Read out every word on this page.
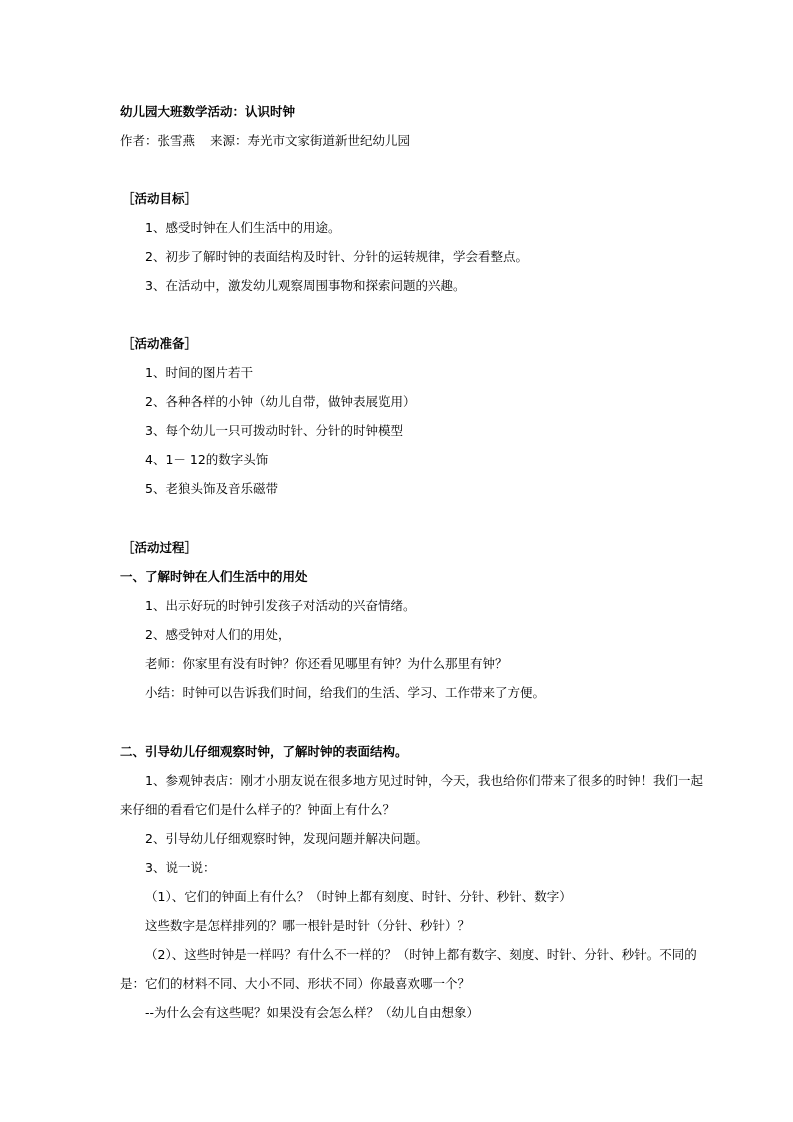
幼儿园大班数学活动：认识时钟
作者：张雪燕 来源：寿光市文家街道新世纪幼儿园
［活动目标］
1、感受时钟在人们生活中的用途。
2、初步了解时钟的表面结构及时针、分针的运转规律，学会看整点。
3、在活动中，激发幼儿观察周围事物和探索问题的兴趣。
［活动准备］
1、时间的图片若干
2、各种各样的小钟（幼儿自带，做钟表展览用）
3、每个幼儿一只可拨动时针、分针的时钟模型
4、1－ 12的数字头饰
5、老狼头饰及音乐磁带
［活动过程］
一、了解时钟在人们生活中的用处
1、出示好玩的时钟引发孩子对活动的兴奋情绪。
2、感受钟对人们的用处，
老师：你家里有没有时钟？你还看见哪里有钟？为什么那里有钟？
小结：时钟可以告诉我们时间，给我们的生活、学习、工作带来了方便。
二、引导幼儿仔细观察时钟，了解时钟的表面结构。
1、参观钟表店：刚才小朋友说在很多地方见过时钟，今天，我也给你们带来了很多的时钟！我们一起
来仔细的看看它们是什么样子的？钟面上有什么？
2、引导幼儿仔细观察时钟，发现问题并解决问题。
3、说一说：
（1）、它们的钟面上有什么？（时钟上都有刻度、时针、分针、秒针、数字）
这些数字是怎样排列的？哪一根针是时针（分针、秒针）？
（2）、这些时钟是一样吗？有什么不一样的？（时钟上都有数字、刻度、时针、分针、秒针。不同的
是：它们的材料不同、大小不同、形状不同）你最喜欢哪一个？
--为什么会有这些呢？如果没有会怎么样？（幼儿自由想象）
